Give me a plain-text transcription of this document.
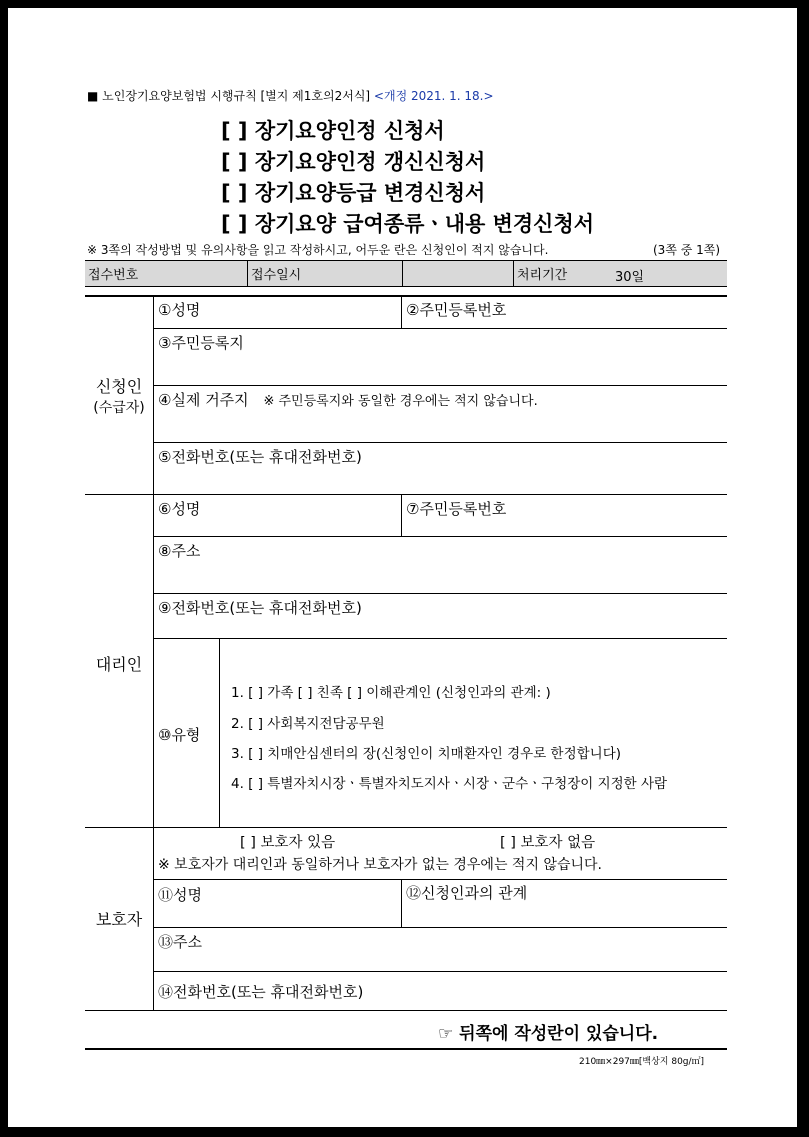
■ 노인장기요양보험법 시행규칙 [별지 제1호의2서식] <개정 2021. 1. 18.>
[ ] 장기요양인정 신청서
[ ] 장기요양인정 갱신신청서
[ ] 장기요양등급 변경신청서
[ ] 장기요양 급여종류ㆍ내용 변경신청서
※ 3쪽의 작성방법 및 유의사항을 읽고 작성하시고, 어두운 란은 신청인이 적지 않습니다.	(3쪽 중 1쪽)
접수번호	접수일시	처리기간	30일
신청인
(수급자)
①성명	②주민등록번호
③주민등록지
④실제 거주지 ※ 주민등록지와 동일한 경우에는 적지 않습니다.
⑤전화번호(또는 휴대전화번호)
대리인
⑥성명	⑦주민등록번호
⑧주소
⑨전화번호(또는 휴대전화번호)
⑩유형
1. [ ] 가족 [ ] 친족 [ ] 이해관계인 (신청인과의 관계: )
2. [ ] 사회복지전담공무원
3. [ ] 치매안심센터의 장(신청인이 치매환자인 경우로 한정합니다)
4. [ ] 특별자치시장ㆍ특별자치도지사ㆍ시장ㆍ군수ㆍ구청장이 지정한 사람
보호자
[ ] 보호자 있음	[ ] 보호자 없음
※ 보호자가 대리인과 동일하거나 보호자가 없는 경우에는 적지 않습니다.
⑪성명	⑫신청인과의 관계
⑬주소
⑭전화번호(또는 휴대전화번호)
☞ 뒤쪽에 작성란이 있습니다.
210㎜×297㎜[백상지 80g/㎡]
